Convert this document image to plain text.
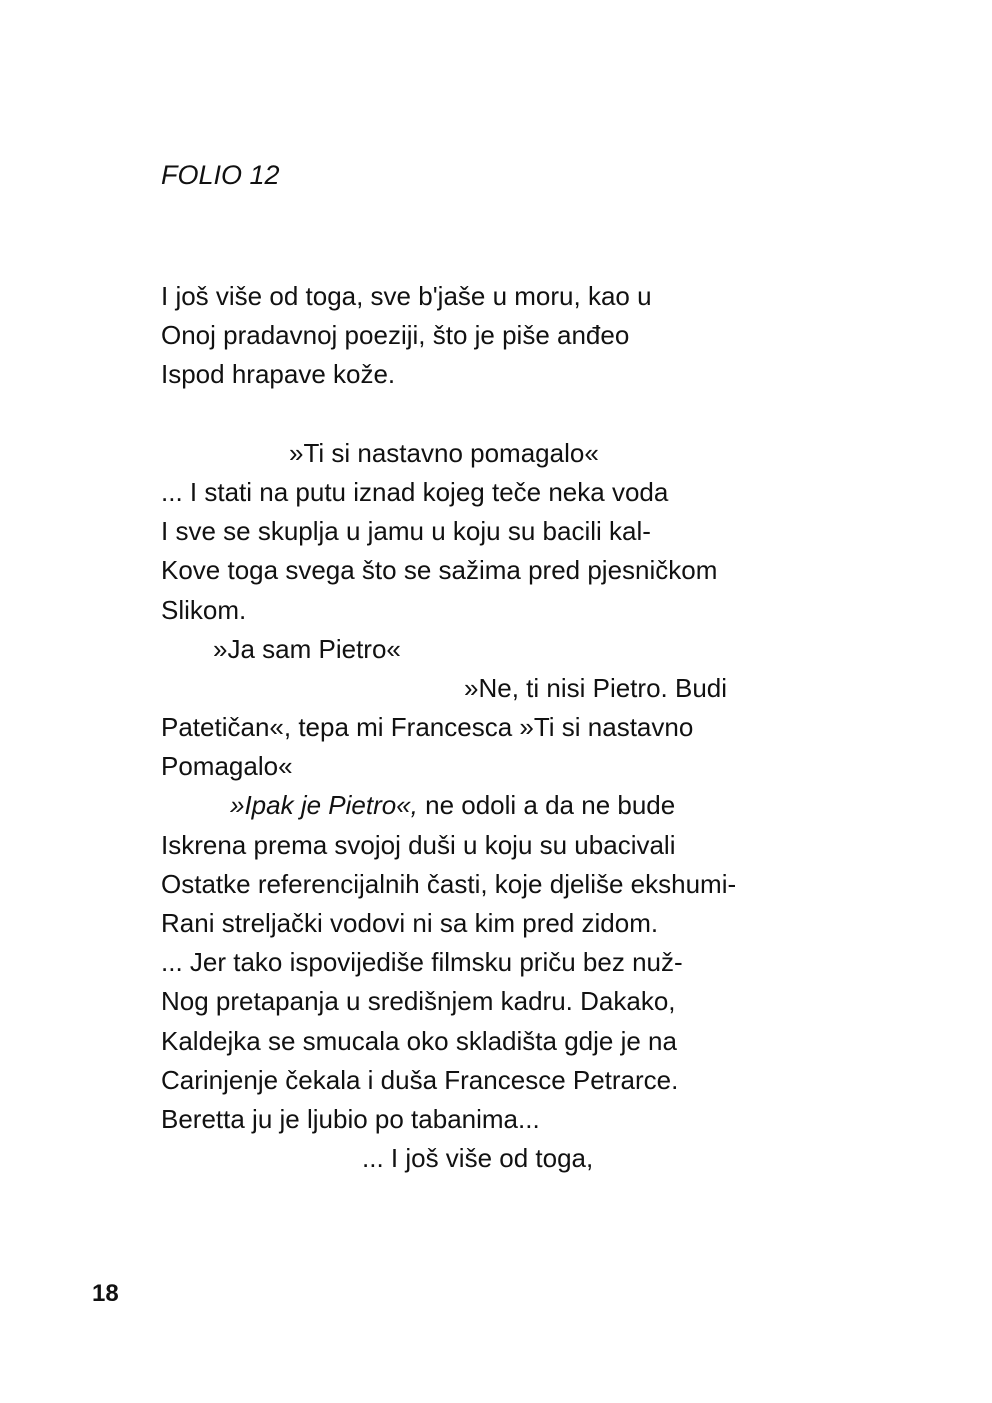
FOLIO 12
I još više od toga, sve b'jaše u moru, kao u
Onoj pradavnoj poeziji, što je piše anđeo
Ispod hrapave kože.
»Ti si nastavno pomagalo«
... I stati na putu iznad kojeg teče neka voda
I sve se skuplja u jamu u koju su bacili kal-
Kove toga svega što se sažima pred pjesničkom
Slikom.
»Ja sam Pietro«
»Ne, ti nisi Pietro. Budi
Patetičan«, tepa mi Francesca »Ti si nastavno
Pomagalo«
»Ipak je Pietro«, ne odoli a da ne bude
Iskrena prema svojoj duši u koju su ubacivali
Ostatke referencijalnih časti, koje djeliše ekshumi-
Rani streljački vodovi ni sa kim pred zidom.
... Jer tako ispovijediše filmsku priču bez nuž-
Nog pretapanja u središnjem kadru. Dakako,
Kaldejka se smucala oko skladišta gdje je na
Carinjenje čekala i duša Francesce Petrarce.
Beretta ju je ljubio po tabanima...
... I još više od toga,
18
